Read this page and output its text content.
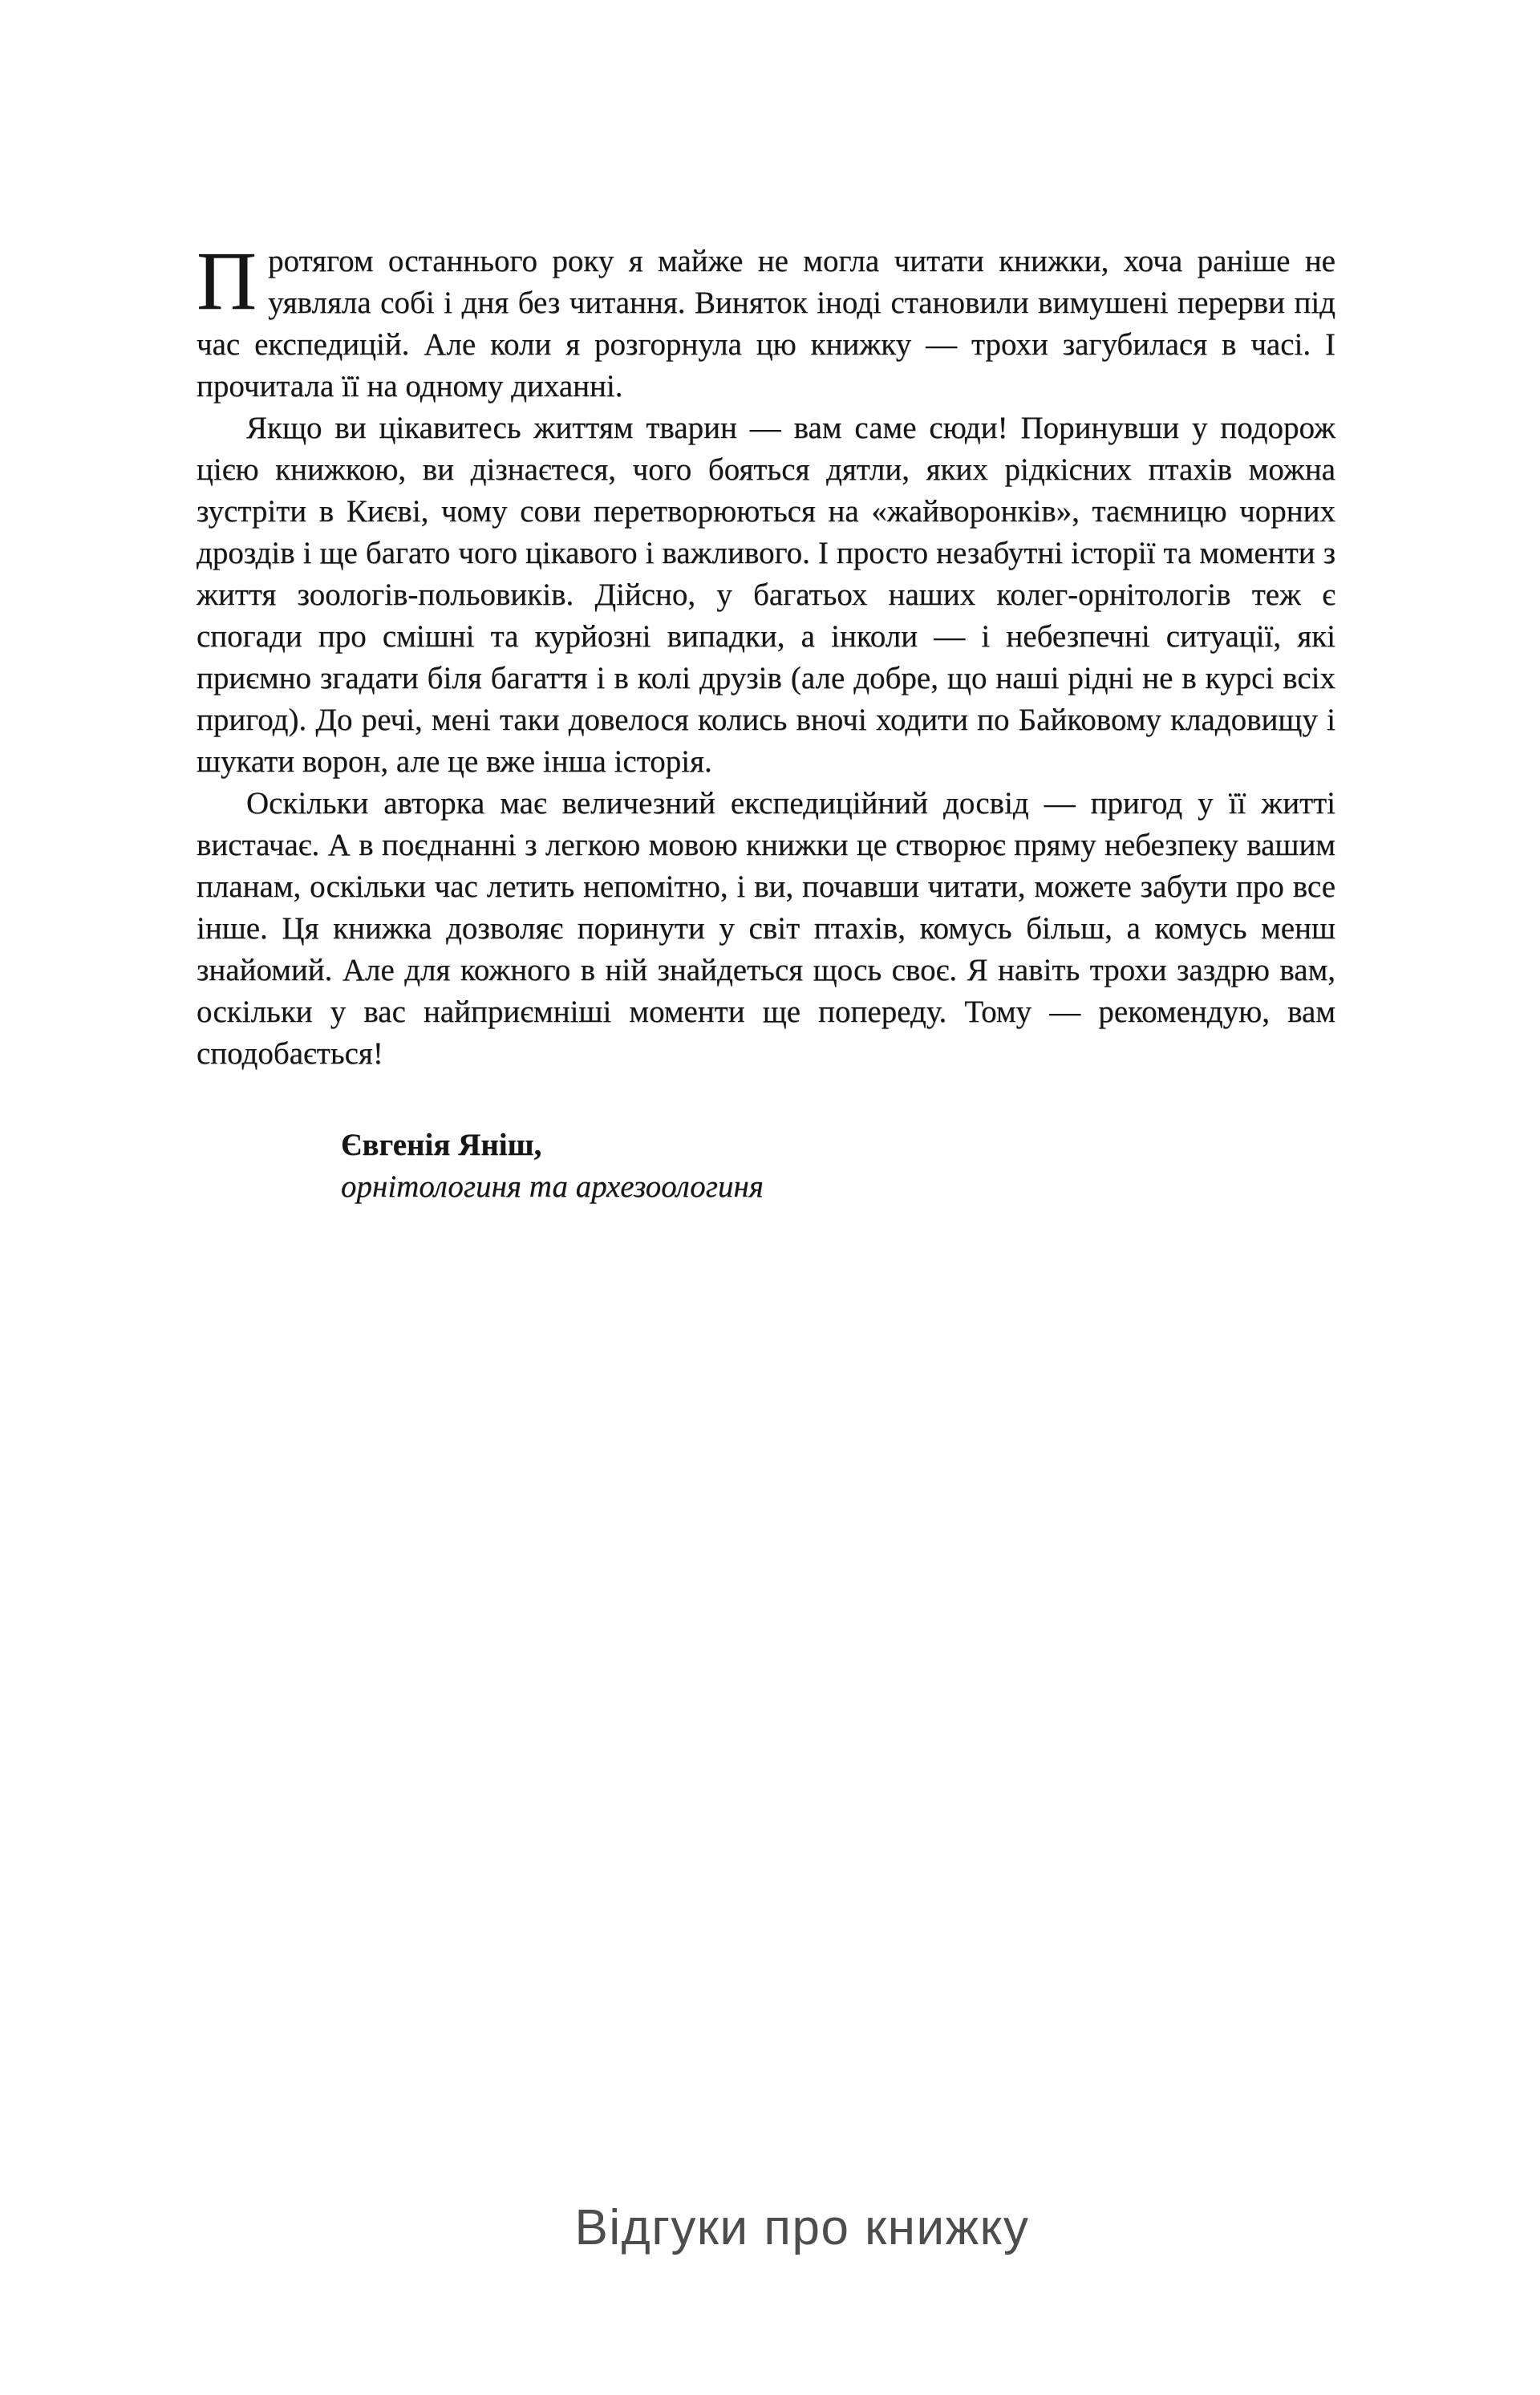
Протягом останнього року я майже не могла читати книжки, хоча раніше не уявляла собі і дня без читання. Виняток іноді становили вимушені перерви під час експедицій. Але коли я розгорнула цю книжку — трохи загубилася в часі. І прочитала її на одному диханні.

Якщо ви цікавитесь життям тварин — вам саме сюди! Поринувши у подорож цією книжкою, ви дізнаєтеся, чого бояться дятли, яких рідкісних птахів можна зустріти в Києві, чому сови перетворюються на «жайворонків», таємницю чорних дроздів і ще багато чого цікавого і важливого. І просто незабутні історії та моменти з життя зоологів-польовиків. Дійсно, у багатьох наших колег-орнітологів теж є спогади про смішні та курйозні випадки, а інколи — і небезпечні ситуації, які приємно згадати біля багаття і в колі друзів (але добре, що наші рідні не в курсі всіх пригод). До речі, мені таки довелося колись вночі ходити по Байковому кладовищу і шукати ворон, але це вже інша історія.

Оскільки авторка має величезний експедиційний досвід — пригод у її житті вистачає. А в поєднанні з легкою мовою книжки це створює пряму небезпеку вашим планам, оскільки час летить непомітно, і ви, почавши читати, можете забути про все інше. Ця книжка дозволяє поринути у світ птахів, комусь більш, а комусь менш знайомий. Але для кожного в ній знайдеться щось своє. Я навіть трохи заздрю вам, оскільки у вас найприємніші моменти ще попереду. Тому — рекомендую, вам сподобається!

Євгенія Яніш,
орнітологиня та архезоологиня
Відгуки про книжку
